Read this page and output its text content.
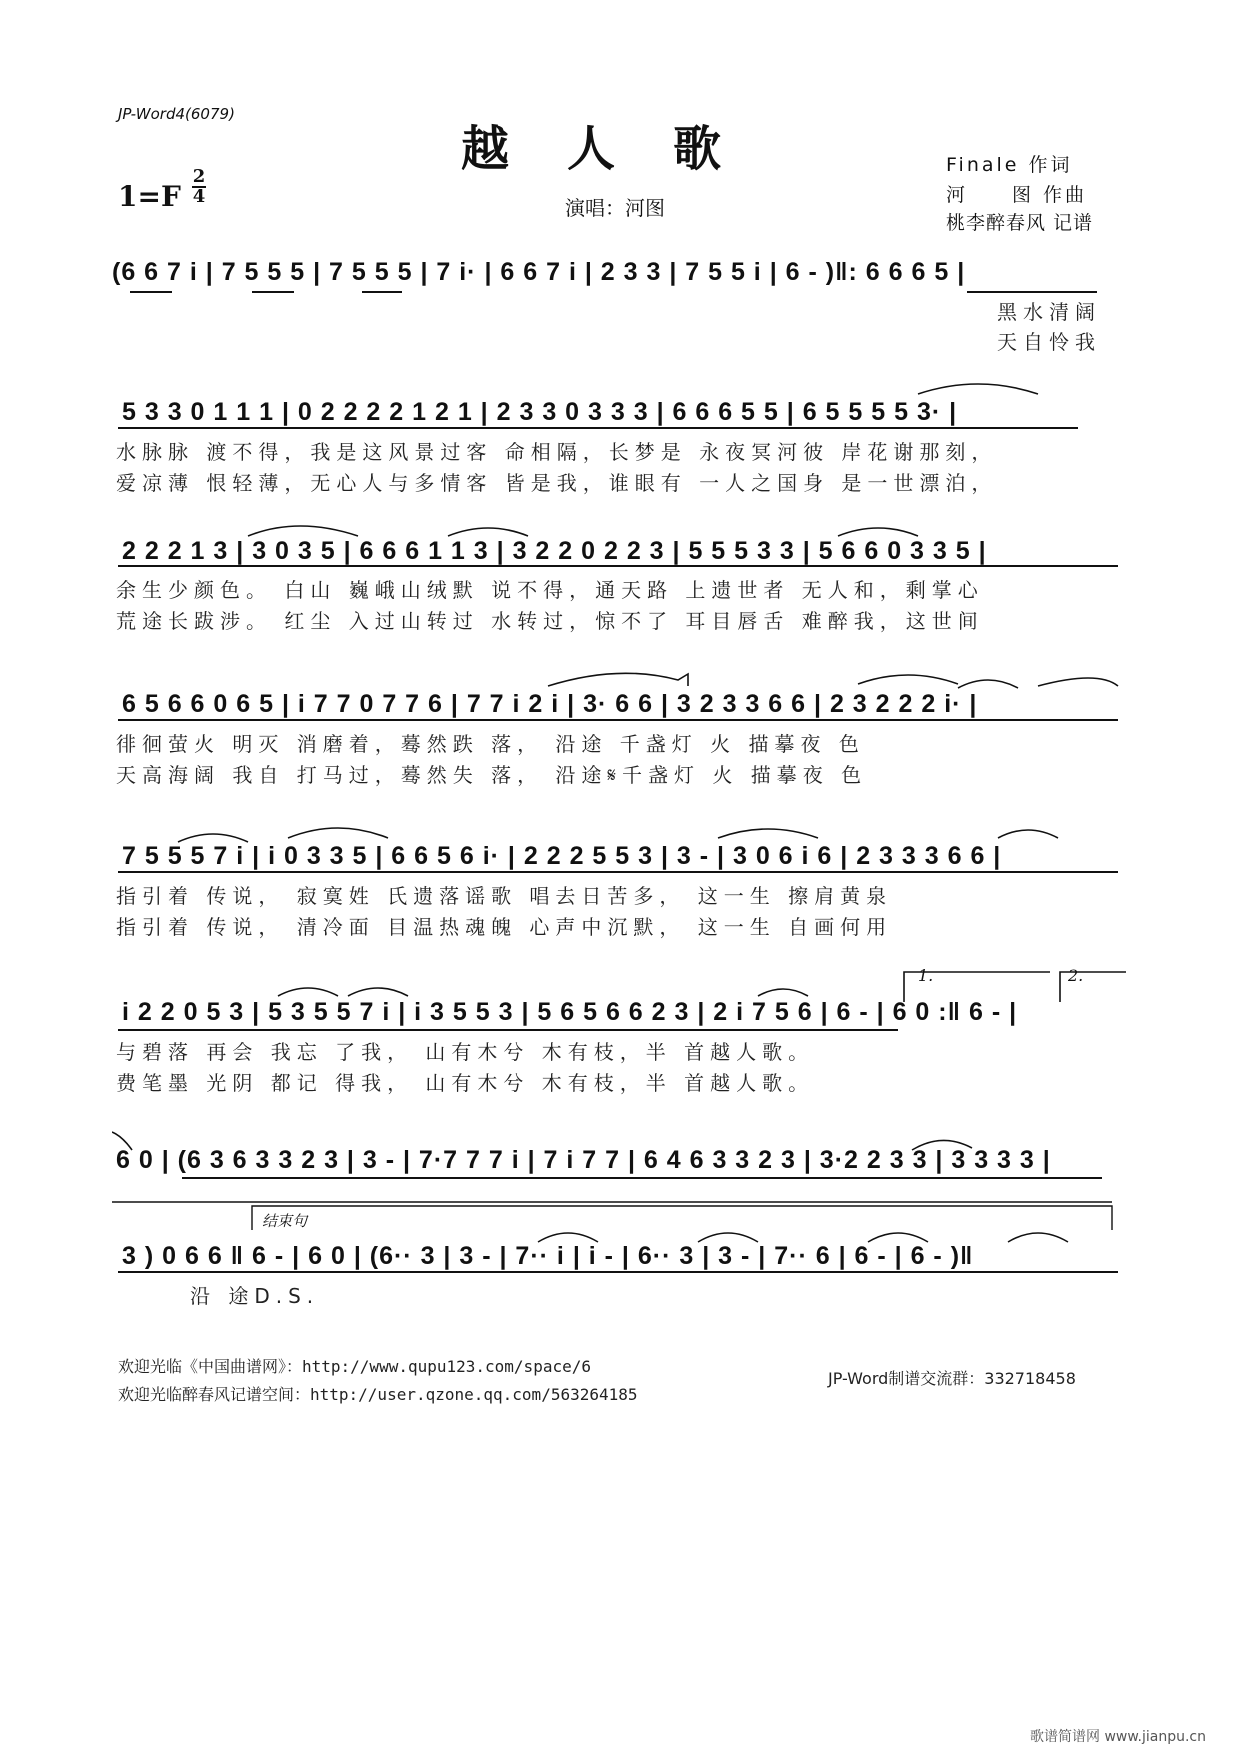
JP-Word4(6079)
越人歌
1=F
2
4	演唱：河图
Finale 作词
河　　图 作曲
桃李醉春风 记谱
(6 6 7 i | 7 5 5 5 | 7 5 5 5 | 7 i· | 6 6 7 i | 2 3 3 | 7 5 5 i | 6 - )‖: 6 6 6 5 |
黑水清阔
天自怜我
5 3 3 0 1 1 1 | 0 2 2 2 2 1 2 1 | 2 3 3 0 3 3 3 | 6 6 6 5 5 | 6 5 5 5 5 3· |
水脉脉 渡不得，我是这风景过客 命相隔，长梦是 永夜冥河彼 岸花谢那刻，
爱凉薄 恨轻薄，无心人与多情客 皆是我，谁眼有 一人之国身 是一世漂泊，
2 2 2 1 3 | 3 0 3 5 | 6 6 6 1 1 3 | 3 2 2 0 2 2 3 | 5 5 5 3 3 | 5 6 6 0 3 3 5 |
余生少颜色。 白山 巍峨山绒默 说不得，通天路 上遗世者 无人和，剩掌心
荒途长跋涉。 红尘 入过山转过 水转过，惊不了 耳目唇舌 难醉我，这世间
6 5 6 6 0 6 5 | i 7 7 0 7 7 6 | 7 7 i 2 i | 3· 6 6 | 3 2 3 3 6 6 | 2 3 2 2 2 i· |
徘徊萤火 明灭 消磨着，蓦然跌 落， 沿途 千盏灯 火 描摹夜 色
天高海阔 我自 打马过，蓦然失 落， 沿途𝄋千盏灯 火 描摹夜 色
7 5 5 5 7 i | i 0 3 3 5 | 6 6 5 6 i· | 2 2 2 5 5 3 | 3 - | 3 0 6 i 6 | 2 3 3 3 6 6 |
指引着 传说， 寂寞姓 氏遗落谣歌 唱去日苦多， 这一生 擦肩黄泉
指引着 传说， 清冷面 目温热魂魄 心声中沉默， 这一生 自画何用
1.	2.
i 2 2 0 5 3 | 5 3 5 5 7 i | i 3 5 5 3 | 5 6 5 6 6 2 3 | 2 i 7 5 6 | 6 - | 6 0 :‖ 6 - |
与碧落 再会 我忘 了我， 山有木兮 木有枝，半 首越人歌。
费笔墨 光阴 都记 得我， 山有木兮 木有枝，半 首越人歌。
6 0 | (6 3 6 3 3 2 3 | 3 - | 7·7 7 7 i | 7 i 7 7 | 6 4 6 3 3 2 3 | 3·2 2 3 3 | 3 3 3 3 |
结束句
3 ) 0 6 6 ‖ 6 - | 6 0 | (6·· 3 | 3 - | 7·· i | i - | 6·· 3 | 3 - | 7·· 6 | 6 - | 6 - )‖
沿 途D.S.
欢迎光临《中国曲谱网》：http://www.qupu123.com/space/6
欢迎光临醉春风记谱空间：http://user.qzone.qq.com/563264185
JP-Word制谱交流群：332718458
歌谱简谱网 www.jianpu.cn
